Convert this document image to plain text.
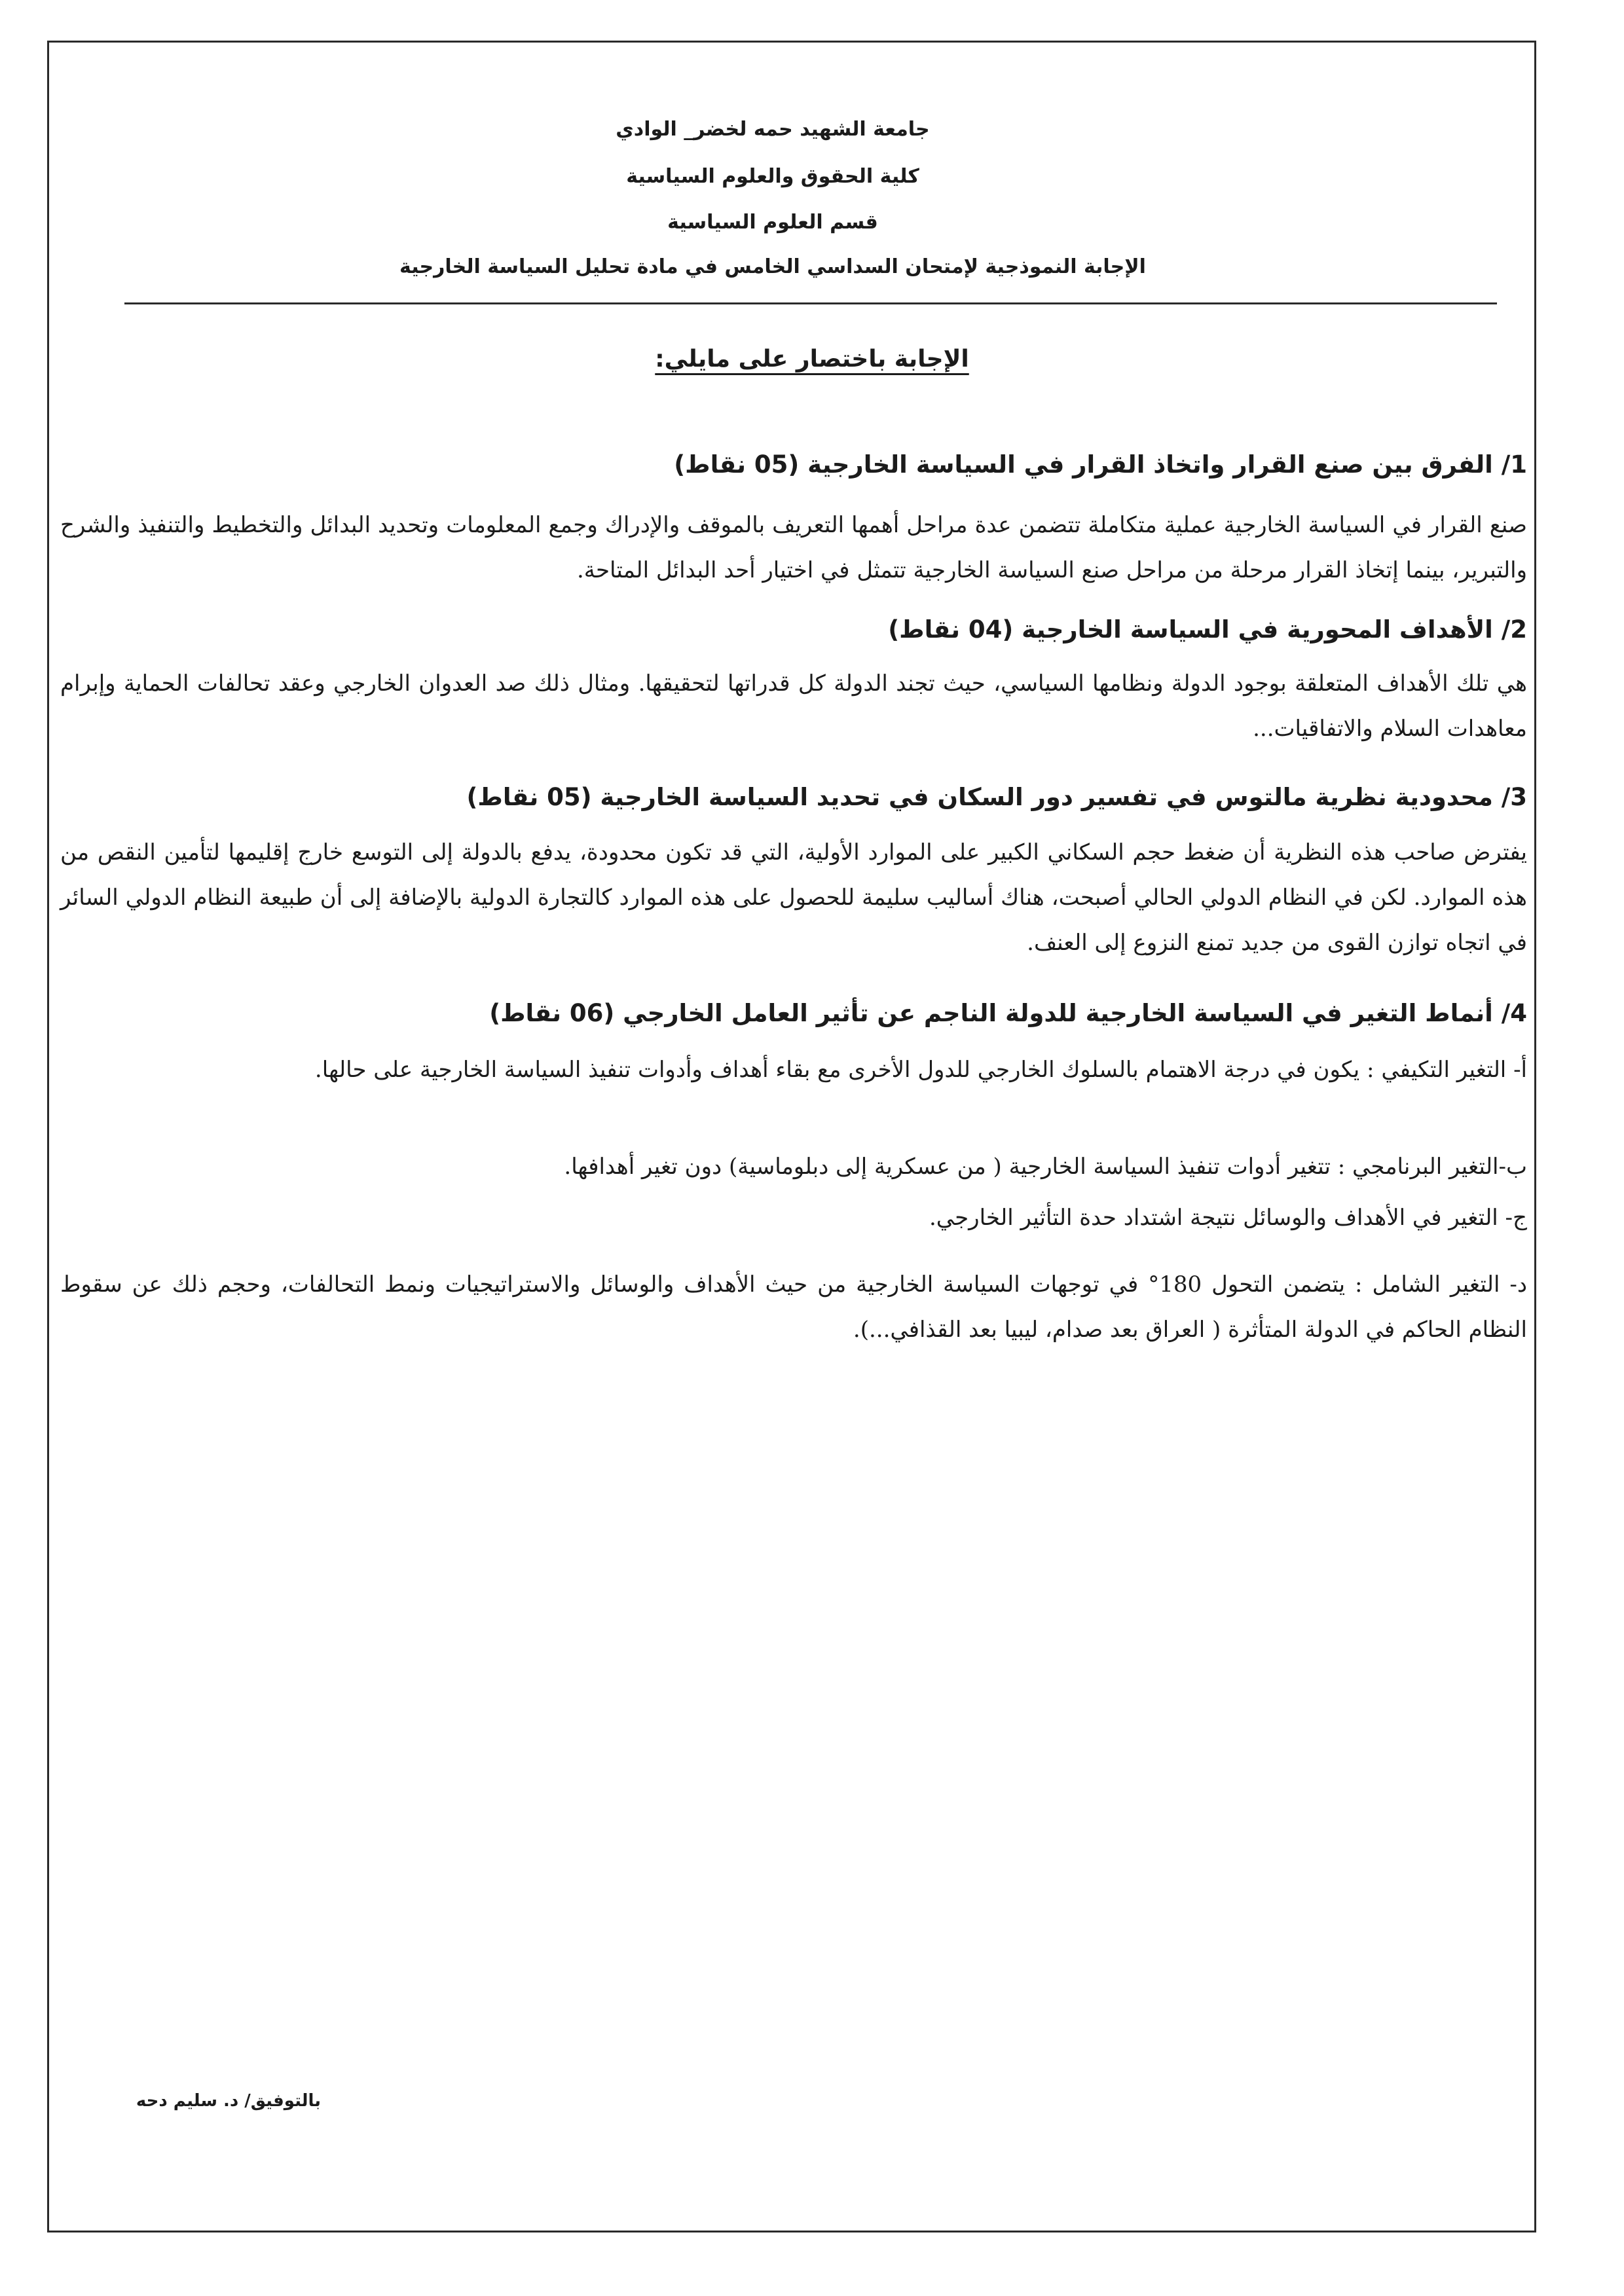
جامعة الشهيد حمه لخضر_ الوادي
كلية الحقوق والعلوم السياسية
قسم العلوم السياسية
الإجابة النموذجية لإمتحان السداسي الخامس في مادة تحليل السياسة الخارجية
الإجابة باختصار على مايلي:
1/ الفرق بين صنع القرار واتخاذ القرار في السياسة الخارجية (05 نقاط)
صنع القرار في السياسة الخارجية عملية متكاملة تتضمن عدة مراحل أهمها التعريف بالموقف والإدراك وجمع المعلومات وتحديد البدائل والتخطيط والتنفيذ والشرح والتبرير، بينما إتخاذ القرار مرحلة من مراحل صنع السياسة الخارجية تتمثل في اختيار أحد البدائل المتاحة.
2/ الأهداف المحورية في السياسة الخارجية (04 نقاط)
هي تلك الأهداف المتعلقة بوجود الدولة ونظامها السياسي، حيث تجند الدولة كل قدراتها لتحقيقها. ومثال ذلك صد العدوان الخارجي وعقد تحالفات الحماية وإبرام معاهدات السلام والاتفاقيات...
3/ محدودية نظرية مالتوس في تفسير دور السكان في تحديد السياسة الخارجية (05 نقاط)
يفترض صاحب هذه النظرية أن ضغط حجم السكاني الكبير على الموارد الأولية، التي قد تكون محدودة، يدفع بالدولة إلى التوسع خارج إقليمها لتأمين النقص من هذه الموارد. لكن في النظام الدولي الحالي أصبحت، هناك أساليب سليمة للحصول على هذه الموارد كالتجارة الدولية بالإضافة إلى أن طبيعة النظام الدولي السائر في اتجاه توازن القوى من جديد تمنع النزوع إلى العنف.
4/ أنماط التغير في السياسة الخارجية للدولة الناجم عن تأثير العامل الخارجي (06 نقاط)
أ- التغير التكيفي : يكون في درجة الاهتمام بالسلوك الخارجي للدول الأخرى مع بقاء أهداف وأدوات تنفيذ السياسة الخارجية على حالها.
ب-التغير البرنامجي : تتغير أدوات تنفيذ السياسة الخارجية ( من عسكرية إلى دبلوماسية) دون تغير أهدافها.
ج- التغير في الأهداف والوسائل نتيجة اشتداد حدة التأثير الخارجي.
د- التغير الشامل : يتضمن التحول 180° في توجهات السياسة الخارجية من حيث الأهداف والوسائل والاستراتيجيات ونمط التحالفات، وحجم ذلك عن سقوط النظام الحاكم في الدولة المتأثرة ( العراق بعد صدام، ليبيا بعد القذافي...).
بالتوفيق/ د. سليم دحه
